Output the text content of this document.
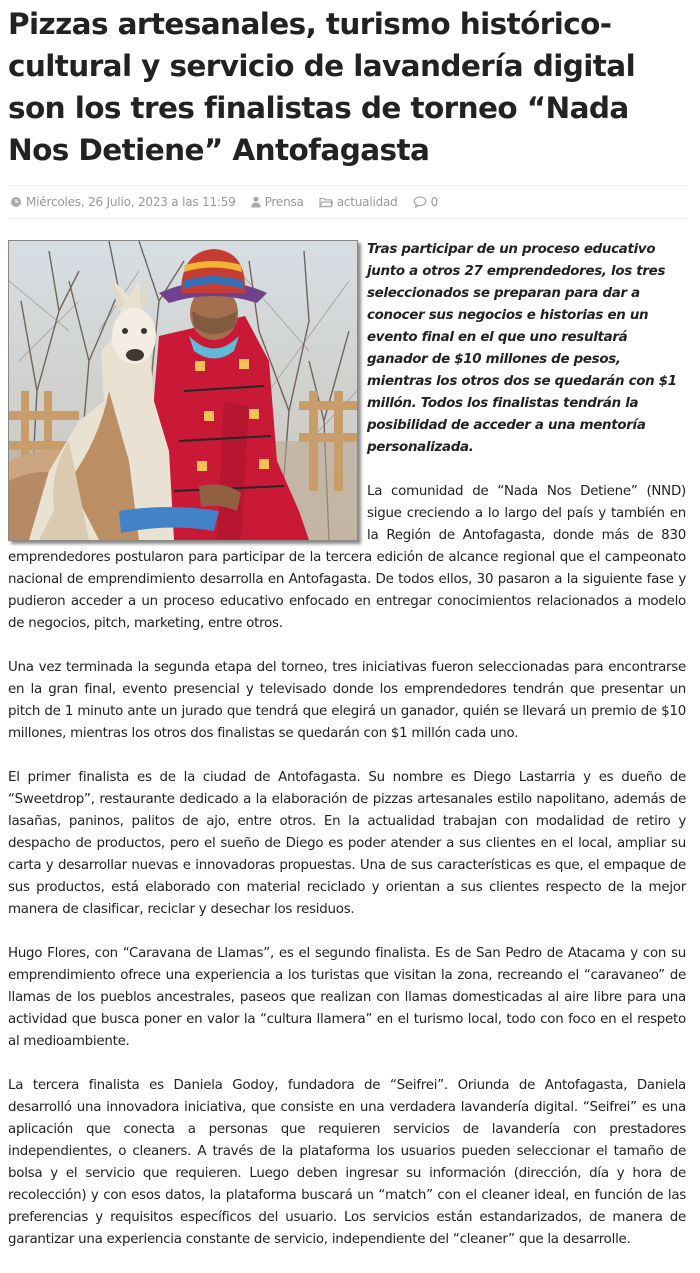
Pizzas artesanales, turismo histórico-cultural y servicio de lavandería digital son los tres finalistas de torneo “Nada Nos Detiene” Antofagasta
Miércoles, 26 Julio, 2023 a las 11:59 Prensa	actualidad	0

Tras participar de un proceso educativo junto a otros 27 emprendedores, los tres seleccionados se preparan para dar a conocer sus negocios e historias en un evento final en el que uno resultará ganador de $10 millones de pesos, mientras los otros dos se quedarán con $1 millón. Todos los finalistas tendrán la posibilidad de acceder a una mentoría personalizada.

La comunidad de “Nada Nos Detiene” (NND) sigue creciendo a lo largo del país y también en la Región de Antofagasta, donde más de 830 emprendedores postularon para participar de la tercera edición de alcance regional que el campeonato nacional de emprendimiento desarrolla en Antofagasta. De todos ellos, 30 pasaron a la siguiente fase y pudieron acceder a un proceso educativo enfocado en entregar conocimientos relacionados a modelo de negocios, pitch, marketing, entre otros.

Una vez terminada la segunda etapa del torneo, tres iniciativas fueron seleccionadas para encontrarse en la gran final, evento presencial y televisado donde los emprendedores tendrán que presentar un pitch de 1 minuto ante un jurado que tendrá que elegirá un ganador, quién se llevará un premio de $10 millones, mientras los otros dos finalistas se quedarán con $1 millón cada uno.

El primer finalista es de la ciudad de Antofagasta. Su nombre es Diego Lastarria y es dueño de “Sweetdrop”, restaurante dedicado a la elaboración de pizzas artesanales estilo napolitano, además de lasañas, paninos, palitos de ajo, entre otros. En la actualidad trabajan con modalidad de retiro y despacho de productos, pero el sueño de Diego es poder atender a sus clientes en el local, ampliar su carta y desarrollar nuevas e innovadoras propuestas. Una de sus características es que, el empaque de sus productos, está elaborado con material reciclado y orientan a sus clientes respecto de la mejor manera de clasificar, reciclar y desechar los residuos.

Hugo Flores, con “Caravana de Llamas”, es el segundo finalista. Es de San Pedro de Atacama y con su emprendimiento ofrece una experiencia a los turistas que visitan la zona, recreando el “caravaneo” de llamas de los pueblos ancestrales, paseos que realizan con llamas domesticadas al aire libre para una actividad que busca poner en valor la “cultura llamera” en el turismo local, todo con foco en el respeto al medioambiente.

La tercera finalista es Daniela Godoy, fundadora de “Seifrei”. Oriunda de Antofagasta, Daniela desarrolló una innovadora iniciativa, que consiste en una verdadera lavandería digital. “Seifrei” es una aplicación que conecta a personas que requieren servicios de lavandería con prestadores independientes, o cleaners. A través de la plataforma los usuarios pueden seleccionar el tamaño de bolsa y el servicio que requieren. Luego deben ingresar su información (dirección, día y hora de recolección) y con esos datos, la plataforma buscará un “match” con el cleaner ideal, en función de las preferencias y requisitos específicos del usuario. Los servicios están estandarizados, de manera de garantizar una experiencia constante de servicio, independiente del “cleaner” que la desarrolle.
